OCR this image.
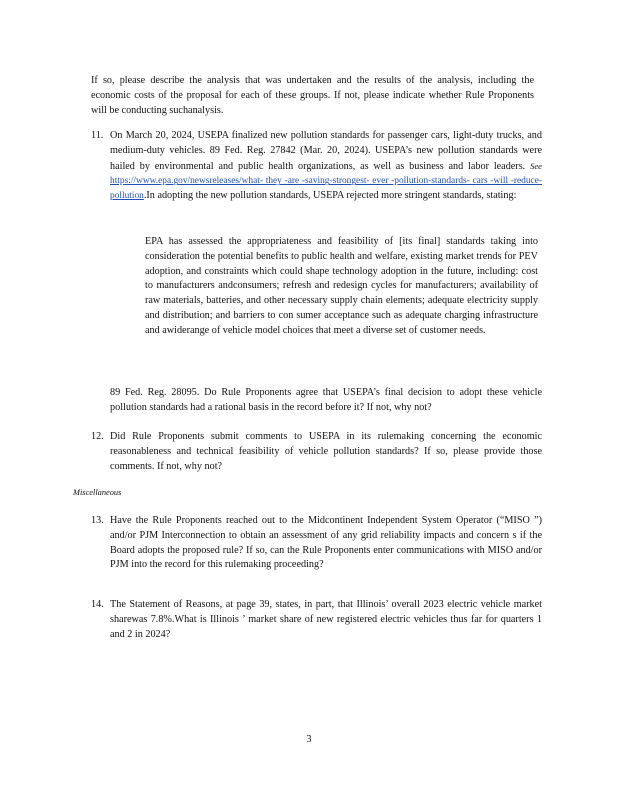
If so, please describe the analysis that was undertaken and the results of the analysis, including the economic costs of the proposal for each of these groups. If not, please indicate whether Rule Proponents will be conducting suchanalysis.

11. On March 20, 2024, USEPA finalized new pollution standards for passenger cars, light-duty trucks, and medium-duty vehicles. 89 Fed. Reg. 27842 (Mar. 20, 2024). USEPA’s new pollution standards were hailed by environmental and public health organizations, as well as business and labor leaders. See https://www.epa.gov/newsreleases/what- they -are -saving-strongest- ever -pollution-standards- cars -will -reduce-pollution.In adopting the new pollution standards, USEPA rejected more stringent standards, stating:

EPA has assessed the appropriateness and feasibility of [its final] standards taking into consideration the potential benefits to public health and welfare, existing market trends for PEV adoption, and constraints which could shape technology adoption in the future, including: cost to manufacturers andconsumers; refresh and redesign cycles for manufacturers; availability of raw materials, batteries, and other necessary supply chain elements; adequate electricity supply and distribution; and barriers to con sumer acceptance such as adequate charging infrastructure and awiderange of vehicle model choices that meet a diverse set of customer needs.

89 Fed. Reg. 28095. Do Rule Proponents agree that USEPA’s final decision to adopt these vehicle pollution standards had a rational basis in the record before it? If not, why not?

12. Did Rule Proponents submit comments to USEPA in its rulemaking concerning the economic reasonableness and technical feasibility of vehicle pollution standards? If so, please provide those comments. If not, why not?

Miscellaneous

13. Have the Rule Proponents reached out to the Midcontinent Independent System Operator (“MISO ”) and/or PJM Interconnection to obtain an assessment of any grid reliability impacts and concern s if the Board adopts the proposed rule? If so, can the Rule Proponents enter communications with MISO and/or PJM into the record for this rulemaking proceeding?

14. The Statement of Reasons, at page 39, states, in part, that Illinois’ overall 2023 electric vehicle market sharewas 7.8%.What is Illinois ’ market share of new registered electric vehicles thus far for quarters 1 and 2 in 2024?

3
